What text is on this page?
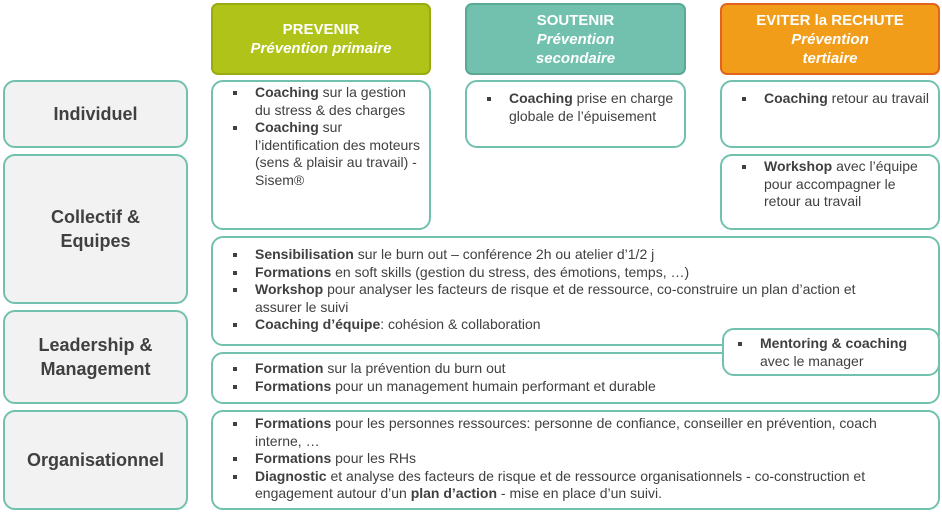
PREVENIR
Prévention primaire
SOUTENIR
Prévention secondaire
EVITER la RECHUTE
Prévention tertiaire
Individuel
Collectif & Equipes
Leadership & Management
Organisationnel
Coaching sur la gestion du stress & des charges
Coaching sur l’identification des moteurs (sens & plaisir au travail) - Sisem®
Coaching prise en charge globale de l’épuisement
Coaching retour au travail
Workshop avec l’équipe pour accompagner le retour au travail
Sensibilisation sur le burn out – conférence 2h ou atelier d’1/2 j
Formations en soft skills (gestion du stress, des émotions, temps, …)
Workshop pour analyser les facteurs de risque et de ressource, co-construire un plan d’action et assurer le suivi
Coaching d’équipe: cohésion & collaboration
Formation sur la prévention du burn out
Formations pour un management humain performant et durable
Mentoring & coaching avec le manager
Formations pour les personnes ressources: personne de confiance, conseiller en prévention, coach interne, …
Formations pour les RHs
Diagnostic et analyse des facteurs de risque et de ressource organisationnels - co-construction et engagement autour d’un plan d’action - mise en place d’un suivi.
